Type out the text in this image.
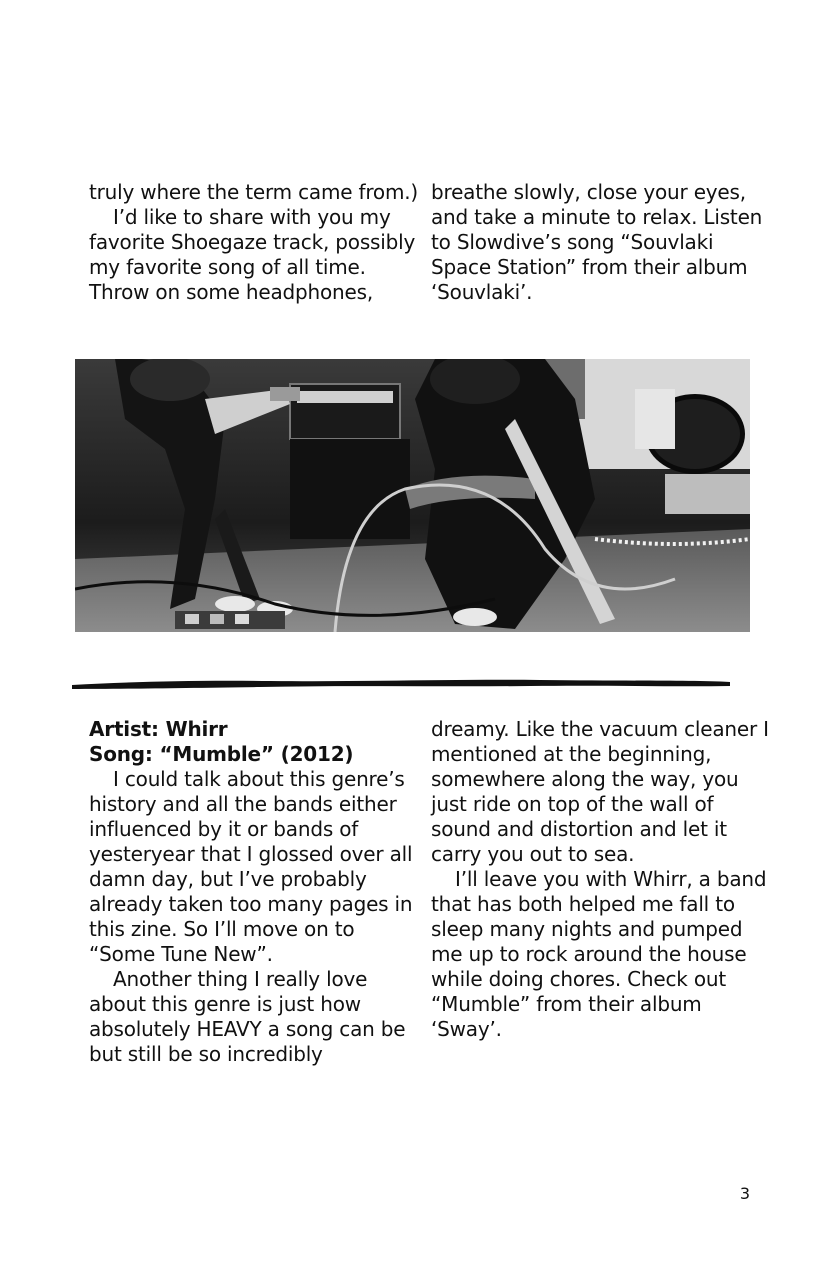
truly where the term came from.)

I’d like to share with you my favorite Shoegaze track, possibly my favorite song of all time. Throw on some headphones,

breathe slowly, close your eyes, and take a minute to relax. Listen to Slowdive’s song “Souvlaki Space Station” from their album ‘Souvlaki’.

Artist: Whirr

Song: “Mumble” (2012)

I could talk about this genre’s history and all the bands either influenced by it or bands of yesteryear that I glossed over all damn day, but I’ve probably already taken too many pages in this zine. So I’ll move on to “Some Tune New”.

Another thing I really love about this genre is just how absolutely HEAVY a song can be but still be so incredibly

dreamy. Like the vacuum cleaner I mentioned at the beginning, somewhere along the way, you just ride on top of the wall of sound and distortion and let it carry you out to sea.

I’ll leave you with Whirr, a band that has both helped me fall to sleep many nights and pumped me up to rock around the house while doing chores. Check out “Mumble” from their album ‘Sway’.

3
